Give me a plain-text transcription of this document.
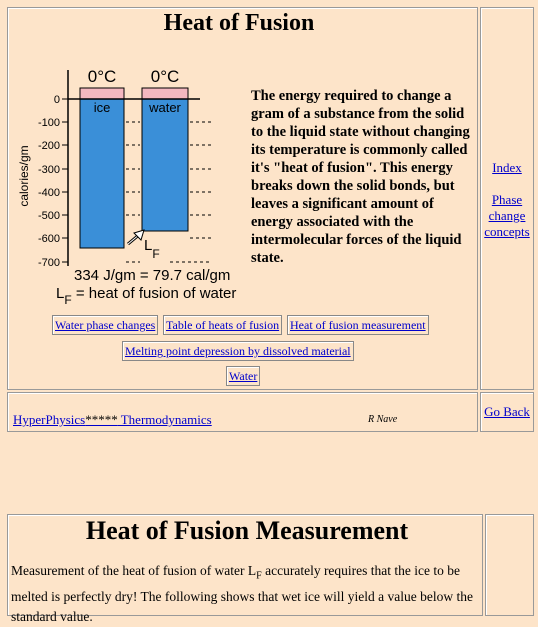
Heat of Fusion
calories/gm
0
-100
-200
-300
-400
-500
-600
-700
0°C 0°C
ice	water
$L_F$
334 J/gm = 79.7 cal/gm
$L_F$ = heat of fusion of water
The energy required to change a gram of a substance from the solid to the liquid state without changing its temperature is commonly called it's "heat of fusion". This energy breaks down the solid bonds, but leaves a significant amount of energy associated with the intermolecular forces of the liquid state.
Index
Phase
change
concepts
Water phase changes Table of heats of fusion Heat of fusion measurement
Melting point depression by dissolved material
Water
HyperPhysics***** Thermodynamics	R Nave
Go Back
Heat of Fusion Measurement
Measurement of the heat of fusion of water $L_F$ accurately requires that the ice to be melted is perfectly dry! The following shows that wet ice will yield a value below the standard value.
